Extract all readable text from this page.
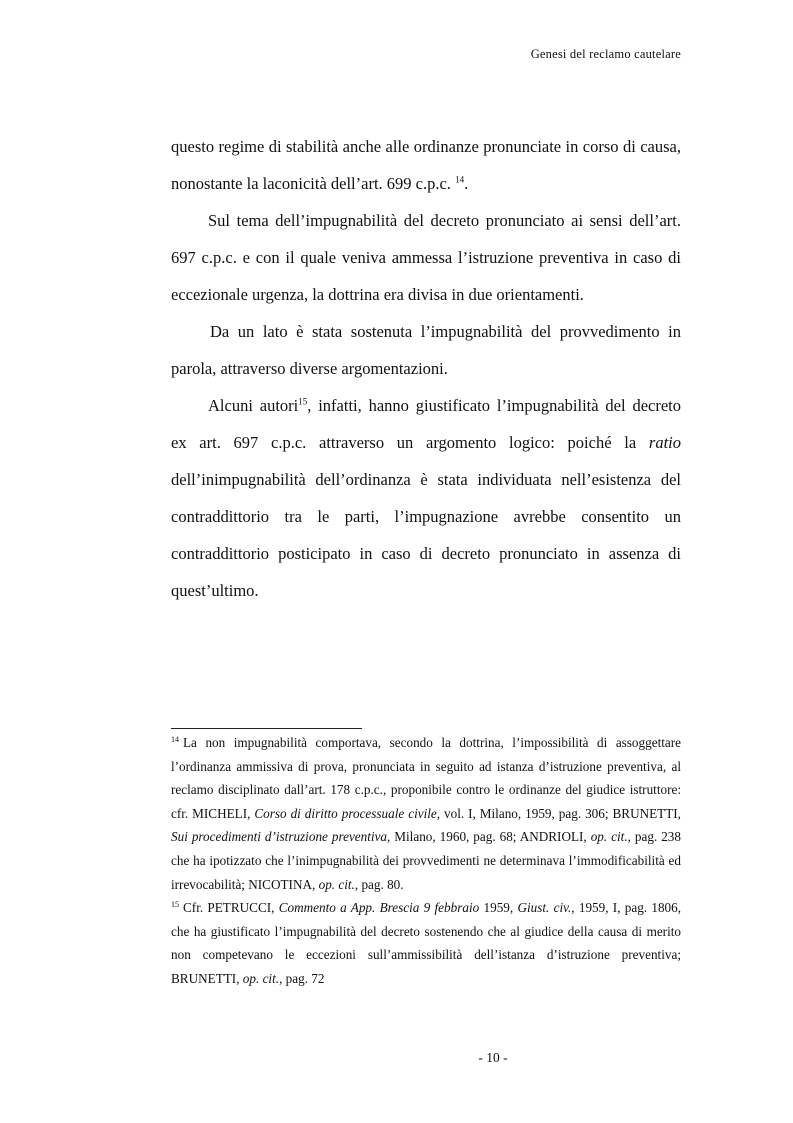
Genesi del reclamo cautelare

questo regime di stabilità anche alle ordinanze pronunciate in corso di causa, nonostante la laconicità dell’art. 699 c.p.c. $^{14}$.

Sul tema dell’impugnabilità del decreto pronunciato ai sensi dell’art. 697 c.p.c. e con il quale veniva ammessa l’istruzione preventiva in caso di eccezionale urgenza, la dottrina era divisa in due orientamenti.

Da un lato è stata sostenuta l’impugnabilità del provvedimento in parola, attraverso diverse argomentazioni.

Alcuni autori$^{15}$, infatti, hanno giustificato l’impugnabilità del decreto ex art. 697 c.p.c. attraverso un argomento logico: poiché la ratio dell’inimpugnabilità dell’ordinanza è stata individuata nell’esistenza del contraddittorio tra le parti, l’impugnazione avrebbe consentito un contraddittorio posticipato in caso di decreto pronunciato in assenza di quest’ultimo.

$^{14}$ La non impugnabilità comportava, secondo la dottrina, l’impossibilità di assoggettare l’ordinanza ammissiva di prova, pronunciata in seguito ad istanza d’istruzione preventiva, al reclamo disciplinato dall’art. 178 c.p.c., proponibile contro le ordinanze del giudice istruttore: cfr. MICHELI, Corso di diritto processuale civile, vol. I, Milano, 1959, pag. 306; BRUNETTI, Sui procedimenti d’istruzione preventiva, Milano, 1960, pag. 68; ANDRIOLI, op. cit., pag. 238 che ha ipotizzato che l’inimpugnabilità dei provvedimenti ne determinava l’immodificabilità ed irrevocabilità; NICOTINA, op. cit., pag. 80.

$^{15}$ Cfr. PETRUCCI, Commento a App. Brescia 9 febbraio 1959, Giust. civ., 1959, I, pag. 1806, che ha giustificato l’impugnabilità del decreto sostenendo che al giudice della causa di merito non competevano le eccezioni sull’ammissibilità dell’istanza d’istruzione preventiva; BRUNETTI, op. cit., pag. 72

- 10 -
